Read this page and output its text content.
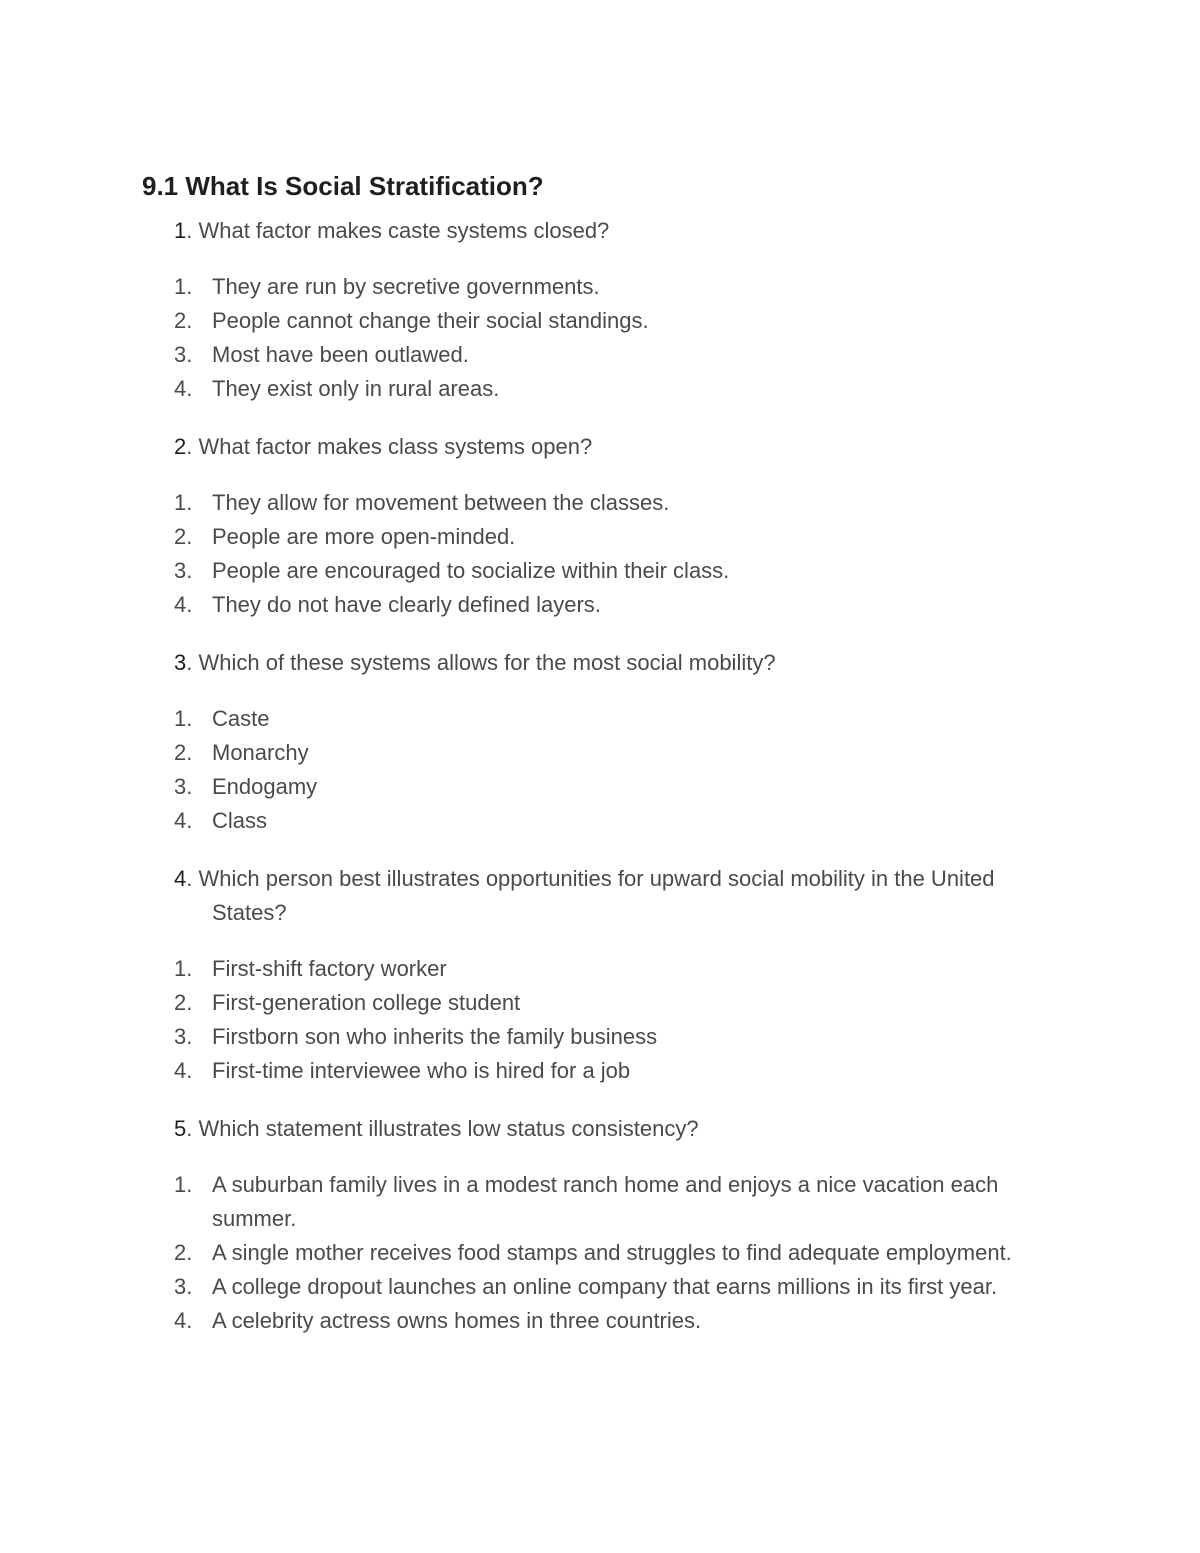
9.1 What Is Social Stratification?

1. What factor makes caste systems closed?

1. They are run by secretive governments.
2. People cannot change their social standings.
3. Most have been outlawed.
4. They exist only in rural areas.

2. What factor makes class systems open?

1. They allow for movement between the classes.
2. People are more open-minded.
3. People are encouraged to socialize within their class.
4. They do not have clearly defined layers.

3. Which of these systems allows for the most social mobility?

1. Caste
2. Monarchy
3. Endogamy
4. Class

4. Which person best illustrates opportunities for upward social mobility in the United States?

1. First-shift factory worker
2. First-generation college student
3. Firstborn son who inherits the family business
4. First-time interviewee who is hired for a job

5. Which statement illustrates low status consistency?

1. A suburban family lives in a modest ranch home and enjoys a nice vacation each summer.
2. A single mother receives food stamps and struggles to find adequate employment.
3. A college dropout launches an online company that earns millions in its first year.
4. A celebrity actress owns homes in three countries.
